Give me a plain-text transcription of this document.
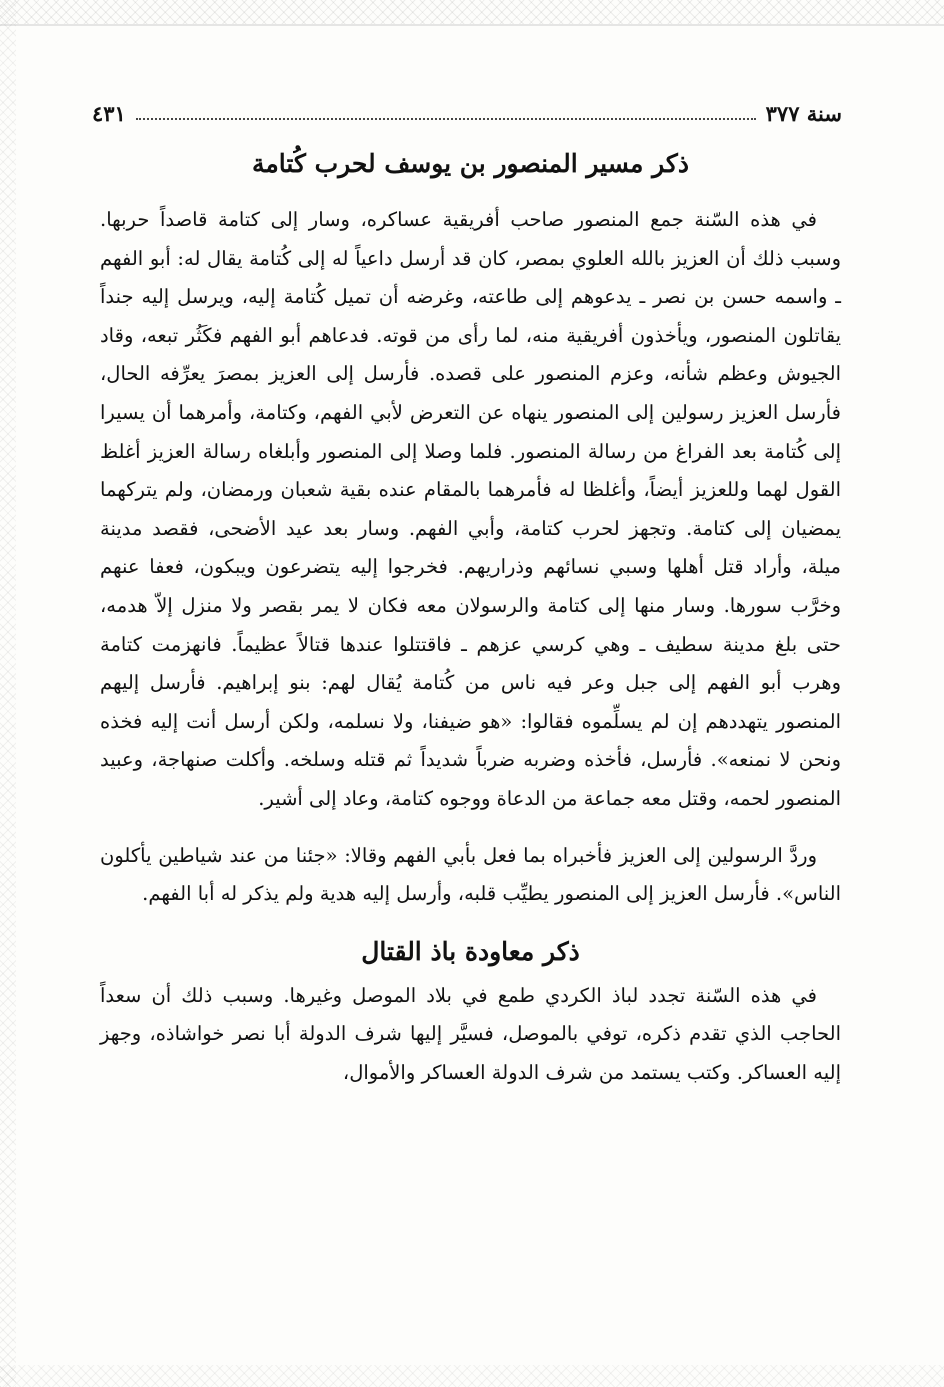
سنة ٣٧٧
٤٣١
ذكر مسير المنصور بن يوسف لحرب كُتامة

في هذه السّنة جمع المنصور صاحب أفريقية عساكره، وسار إلى كتامة قاصداً حربها. وسبب ذلك أن العزيز بالله العلوي بمصر، كان قد أرسل داعياً له إلى كُتامة يقال له: أبو الفهم ـ واسمه حسن بن نصر ـ يدعوهم إلى طاعته، وغرضه أن تميل كُتامة إليه، ويرسل إليه جنداً يقاتلون المنصور، ويأخذون أفريقية منه، لما رأى من قوته. فدعاهم أبو الفهم فكَثُر تبعه، وقاد الجيوش وعظم شأنه، وعزم المنصور على قصده. فأرسل إلى العزيز بمصرَ يعرِّفه الحال، فأرسل العزيز رسولين إلى المنصور ينهاه عن التعرض لأبي الفهم، وكتامة، وأمرهما أن يسيرا إلى كُتامة بعد الفراغ من رسالة المنصور. فلما وصلا إلى المنصور وأبلغاه رسالة العزيز أغلظ القول لهما وللعزيز أيضاً، وأغلظا له فأمرهما بالمقام عنده بقية شعبان ورمضان، ولم يتركهما يمضيان إلى كتامة. وتجهز لحرب كتامة، وأبي الفهم. وسار بعد عيد الأضحى، فقصد مدينة ميلة، وأراد قتل أهلها وسبي نسائهم وذراريهم. فخرجوا إليه يتضرعون ويبكون، فعفا عنهم وخرَّب سورها. وسار منها إلى كتامة والرسولان معه فكان لا يمر بقصر ولا منزل إلاّ هدمه، حتى بلغ مدينة سطيف ـ وهي كرسي عزهم ـ فاقتتلوا عندها قتالاً عظيماً. فانهزمت كتامة وهرب أبو الفهم إلى جبل وعر فيه ناس من كُتامة يُقال لهم: بنو إبراهيم. فأرسل إليهم المنصور يتهددهم إن لم يسلِّموه فقالوا: «هو ضيفنا، ولا نسلمه، ولكن أرسل أنت إليه فخذه ونحن لا نمنعه». فأرسل، فأخذه وضربه ضرباً شديداً ثم قتله وسلخه. وأكلت صنهاجة، وعبيد المنصور لحمه، وقتل معه جماعة من الدعاة ووجوه كتامة، وعاد إلى أشير.

وردَّ الرسولين إلى العزيز فأخبراه بما فعل بأبي الفهم وقالا: «جئنا من عند شياطين يأكلون الناس». فأرسل العزيز إلى المنصور يطيِّب قلبه، وأرسل إليه هدية ولم يذكر له أبا الفهم.

ذكر معاودة باذ القتال

في هذه السّنة تجدد لباذ الكردي طمع في بلاد الموصل وغيرها. وسبب ذلك أن سعداً الحاجب الذي تقدم ذكره، توفي بالموصل، فسيَّر إليها شرف الدولة أبا نصر خواشاذه، وجهز إليه العساكر. وكتب يستمد من شرف الدولة العساكر والأموال،
